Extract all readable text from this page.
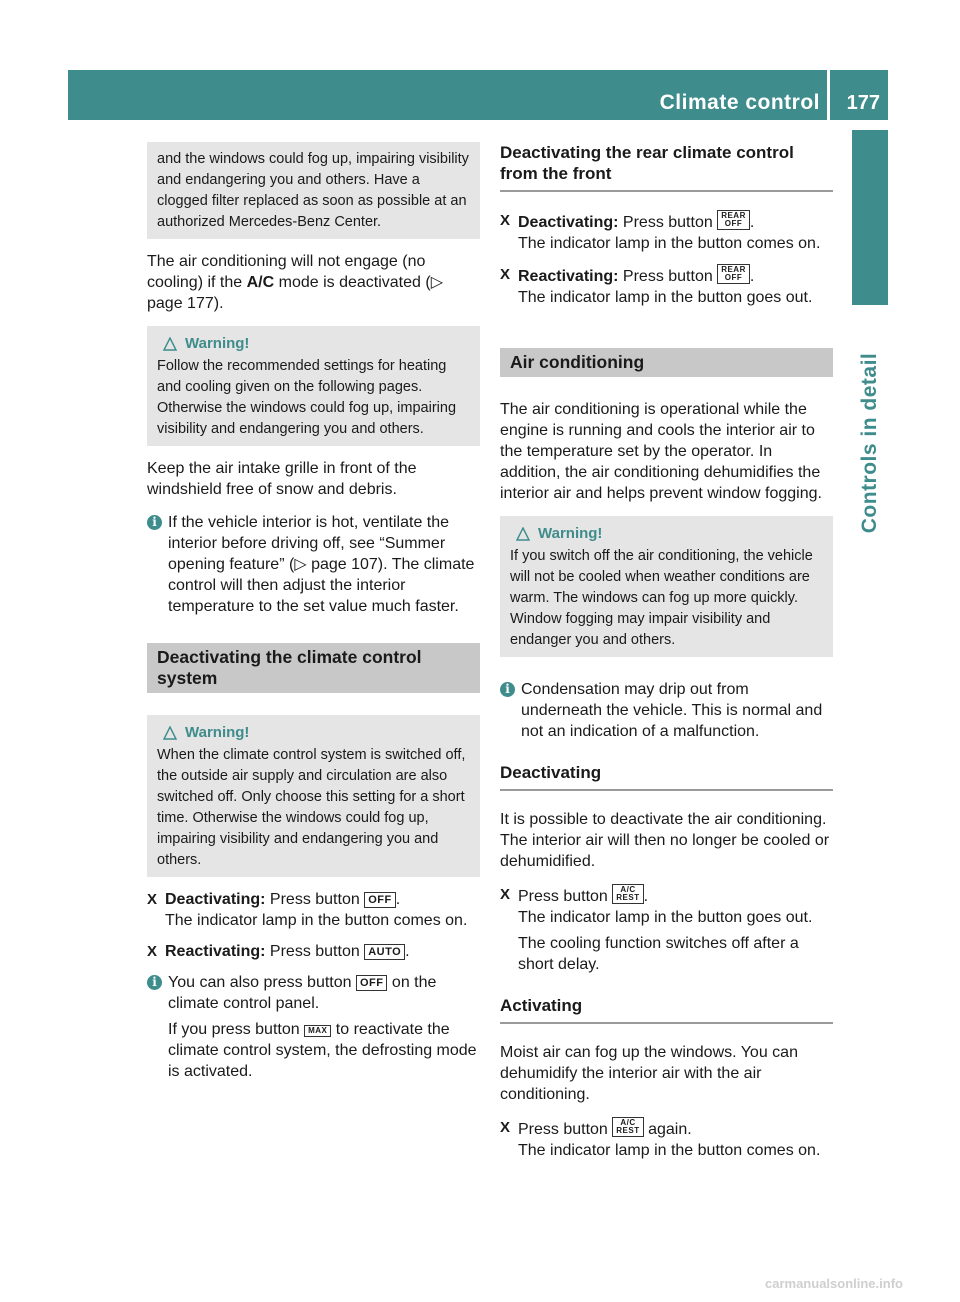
Climate control 177
Controls in detail
and the windows could fog up, impairing visibility and endangering you and others. Have a clogged filter replaced as soon as possible at an authorized Mercedes-Benz Center.

The air conditioning will not engage (no cooling) if the A/C mode is deactivated (▷ page 177).

Warning!
Follow the recommended settings for heating and cooling given on the following pages. Otherwise the windows could fog up, impairing visibility and endangering you and others.

Keep the air intake grille in front of the windshield free of snow and debris.

i If the vehicle interior is hot, ventilate the interior before driving off, see “Summer opening feature” (▷ page 107). The climate control will then adjust the interior temperature to the set value much faster.
Deactivating the climate control system
Warning!
When the climate control system is switched off, the outside air supply and circulation are also switched off. Only choose this setting for a short time. Otherwise the windows could fog up, impairing visibility and endangering you and others.
X Deactivating: Press button OFF .
The indicator lamp in the button comes on.
X Reactivating: Press button AUTO .
i You can also press button OFF on the climate control panel.
If you press button MAX to reactivate the climate control system, the defrosting mode is activated.
Deactivating the rear climate control from the front
X Deactivating: Press button REAR
OFF .
The indicator lamp in the button comes on.
X Reactivating: Press button REAR
OFF .
The indicator lamp in the button goes out.
Air conditioning

The air conditioning is operational while the engine is running and cools the interior air to the temperature set by the operator. In addition, the air conditioning dehumidifies the interior air and helps prevent window fogging.

Warning!
If you switch off the air conditioning, the vehicle will not be cooled when weather conditions are warm. The windows can fog up more quickly. Window fogging may impair visibility and endanger you and others.
i Condensation may drip out from underneath the vehicle. This is normal and not an indication of a malfunction.
Deactivating

It is possible to deactivate the air conditioning. The interior air will then no longer be cooled or dehumidified.

X Press button A/C
REST .
The indicator lamp in the button goes out.
The cooling function switches off after a short delay.
Activating

Moist air can fog up the windows. You can dehumidify the interior air with the air conditioning.

X Press button A/C
REST again.
The indicator lamp in the button comes on.
carmanualsonline.info
